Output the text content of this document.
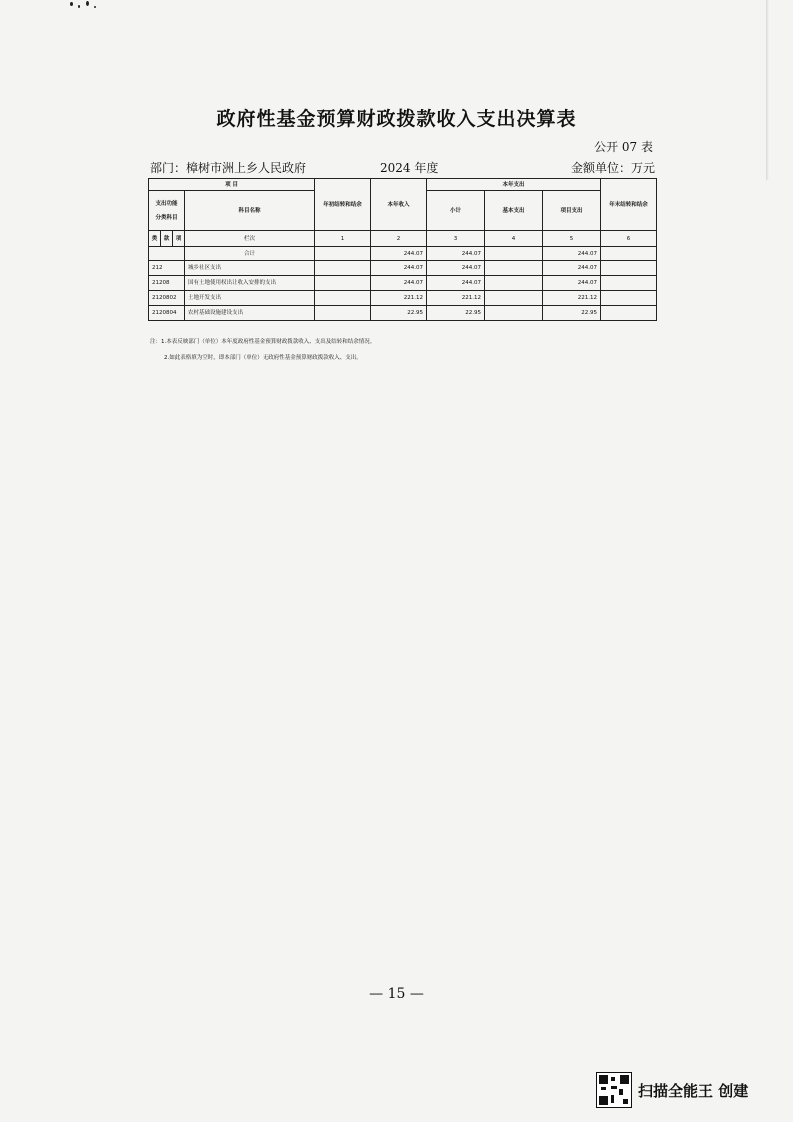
政府性基金预算财政拨款收入支出决算表
公开 07 表
部门：樟树市洲上乡人民政府	2024 年度	金额单位：万元
项 目				年初结转和结余	本年收入	本年支出			年末结转和结余

支出功能
分类科目			科目名称			小计	基本支出	项目支出	
类	款	项	栏次	1	2	3	4	5	6
			合计		244.07	244.07		244.07	
212			城乡社区支出		244.07	244.07		244.07	
21208			国有土地使用权出让收入安排的支出		244.07	244.07		244.07	
2120802			土地开发支出		221.12	221.12		221.12	
2120804			农村基础设施建设支出		22.95	22.95		22.95	
注：1.本表反映部门（单位）本年度政府性基金预算财政拨款收入、支出及结转和结余情况。
2.如此表格填为空时，即本部门（单位）无政府性基金预算财政拨款收入、支出。
— 15 —
扫描全能王 创建
